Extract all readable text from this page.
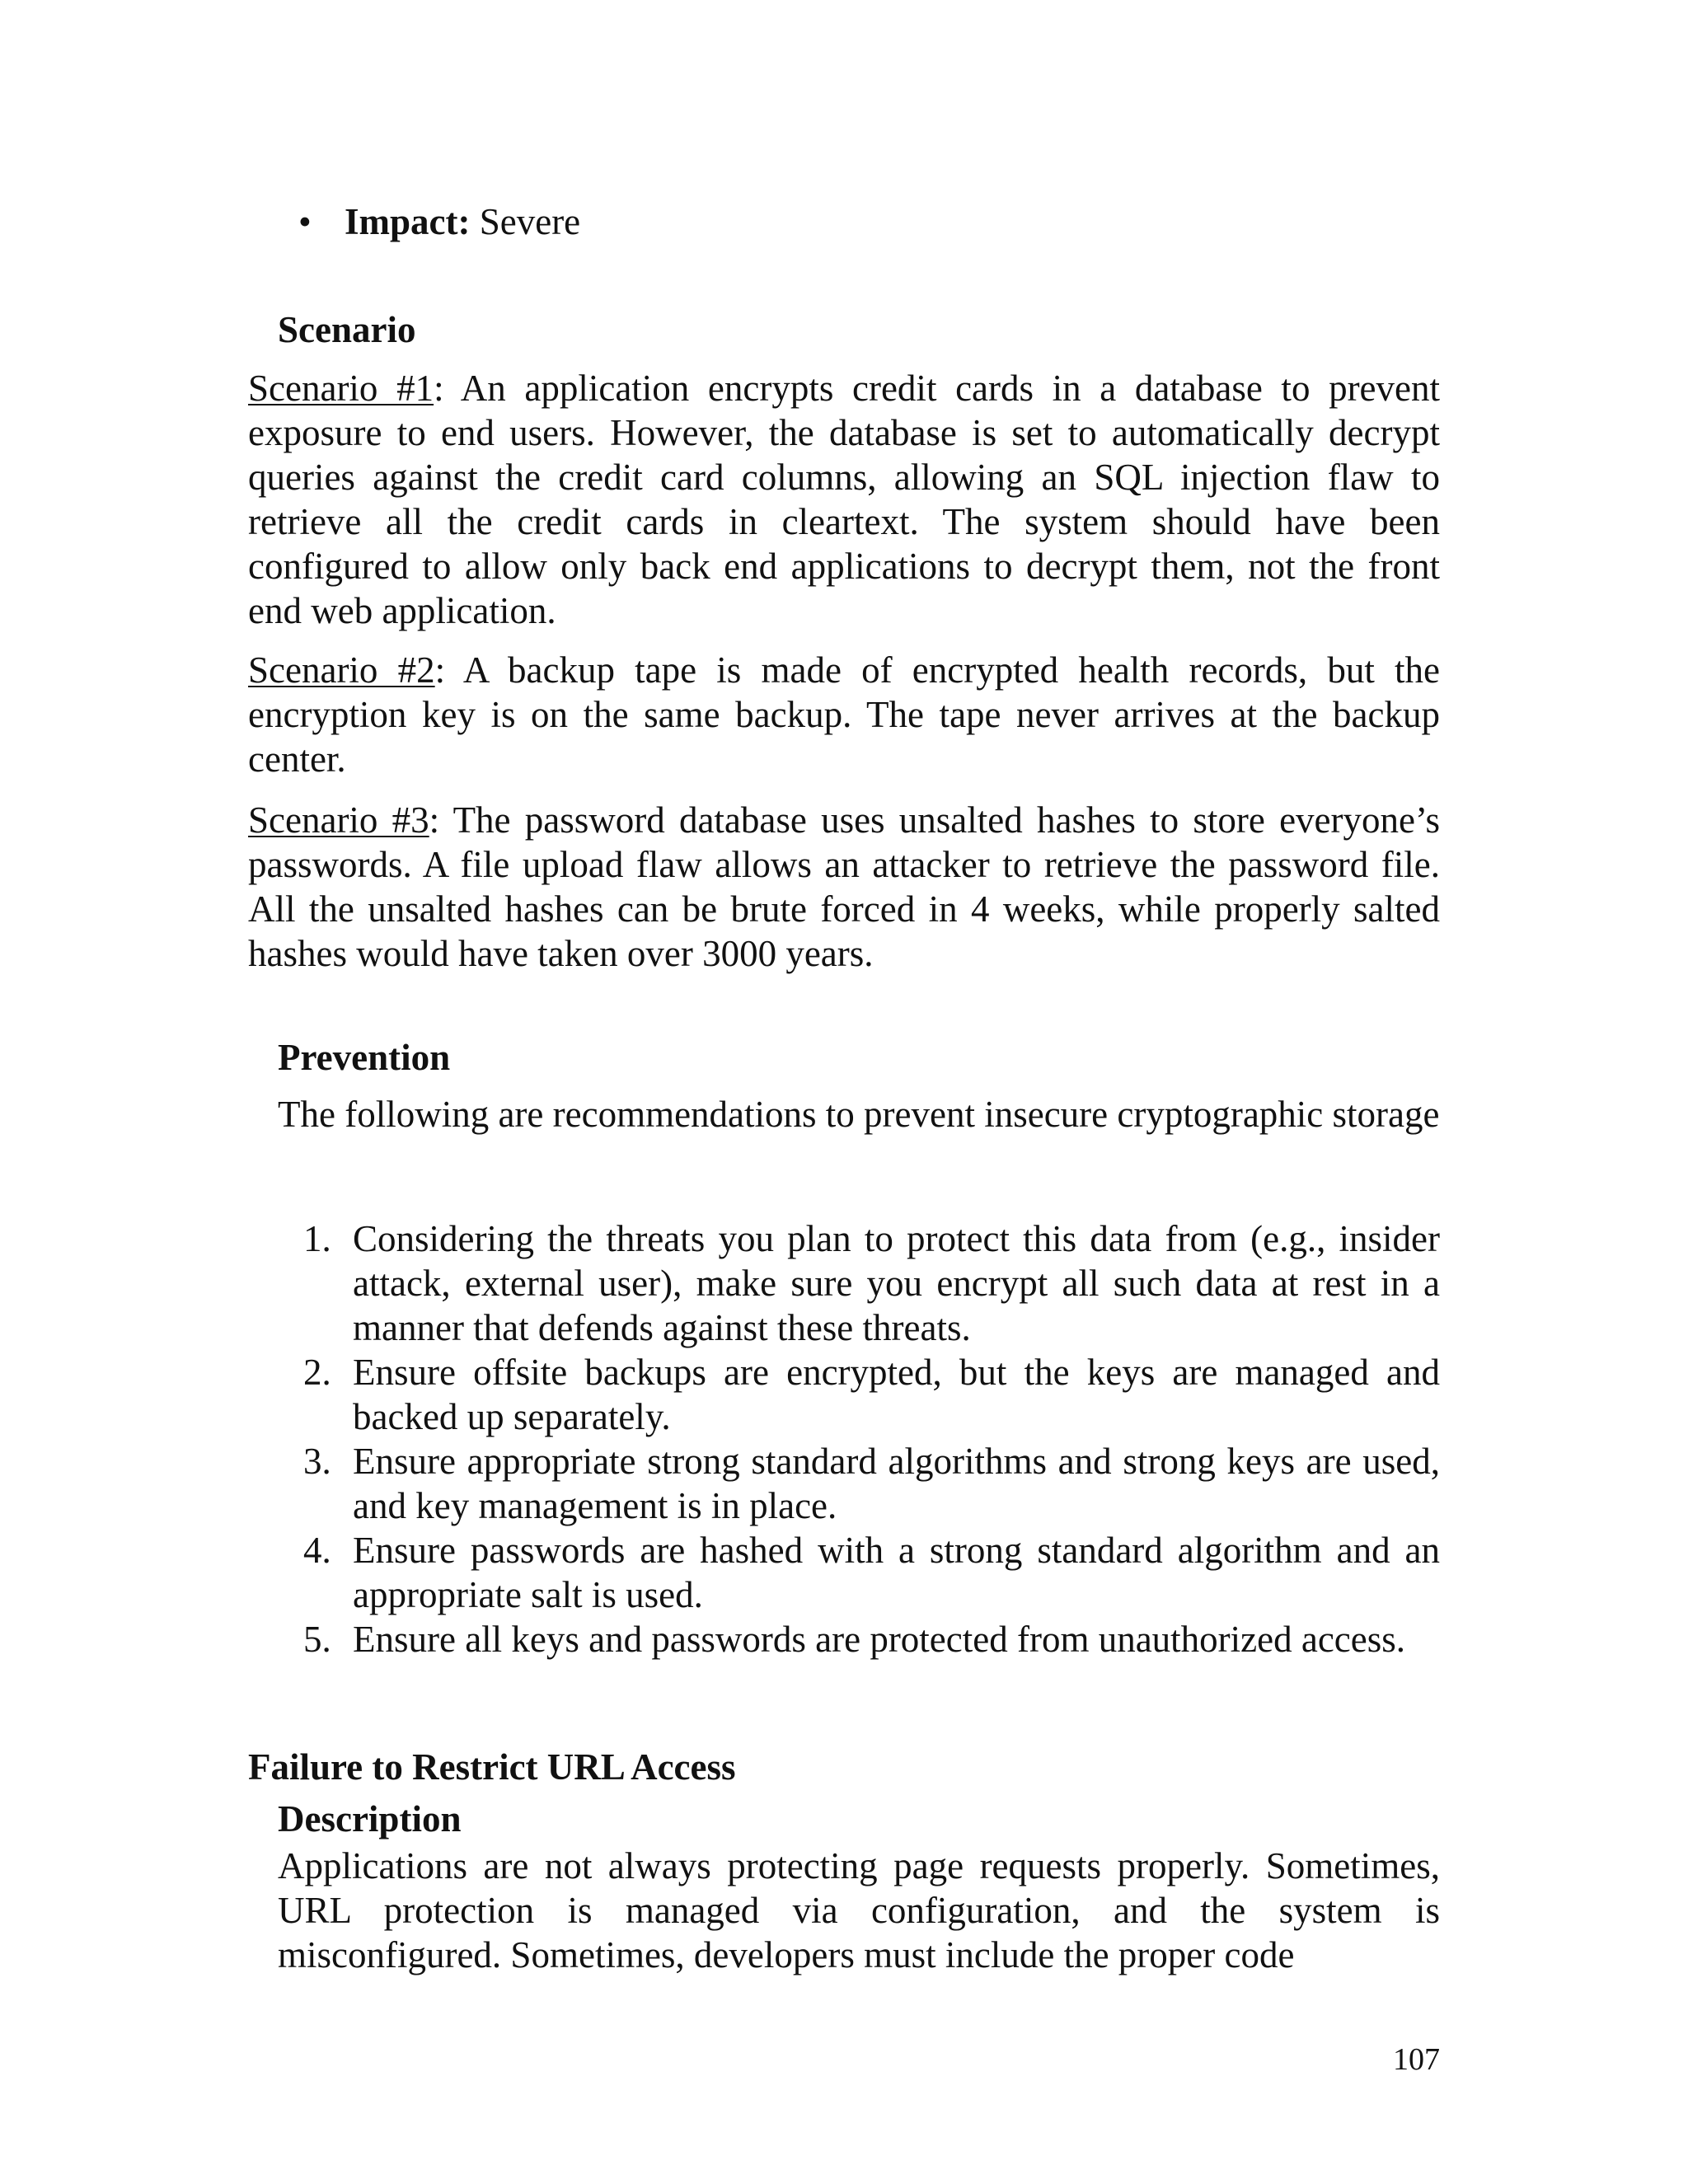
• Impact: Severe
Scenario

Scenario #1: An application encrypts credit cards in a database to prevent exposure to end users. However, the database is set to automatically decrypt queries against the credit card columns, allowing an SQL injection flaw to retrieve all the credit cards in cleartext. The system should have been configured to allow only back end applications to decrypt them, not the front end web application.

Scenario #2: A backup tape is made of encrypted health records, but the encryption key is on the same backup. The tape never arrives at the backup center.

Scenario #3: The password database uses unsalted hashes to store everyone’s passwords. A file upload flaw allows an attacker to retrieve the password file. All the unsalted hashes can be brute forced in 4 weeks, while properly salted hashes would have taken over 3000 years.

Prevention

The following are recommendations to prevent insecure cryptographic storage

1. Considering the threats you plan to protect this data from (e.g., insider attack, external user), make sure you encrypt all such data at rest in a manner that defends against these threats.
2. Ensure offsite backups are encrypted, but the keys are managed and backed up separately.
3. Ensure appropriate strong standard algorithms and strong keys are used, and key management is in place.
4. Ensure passwords are hashed with a strong standard algorithm and an appropriate salt is used.
5. Ensure all keys and passwords are protected from unauthorized access.
Failure to Restrict URL Access
Description

Applications are not always protecting page requests properly. Sometimes, URL protection is managed via configuration, and the system is misconfigured. Sometimes, developers must include the proper code

107
